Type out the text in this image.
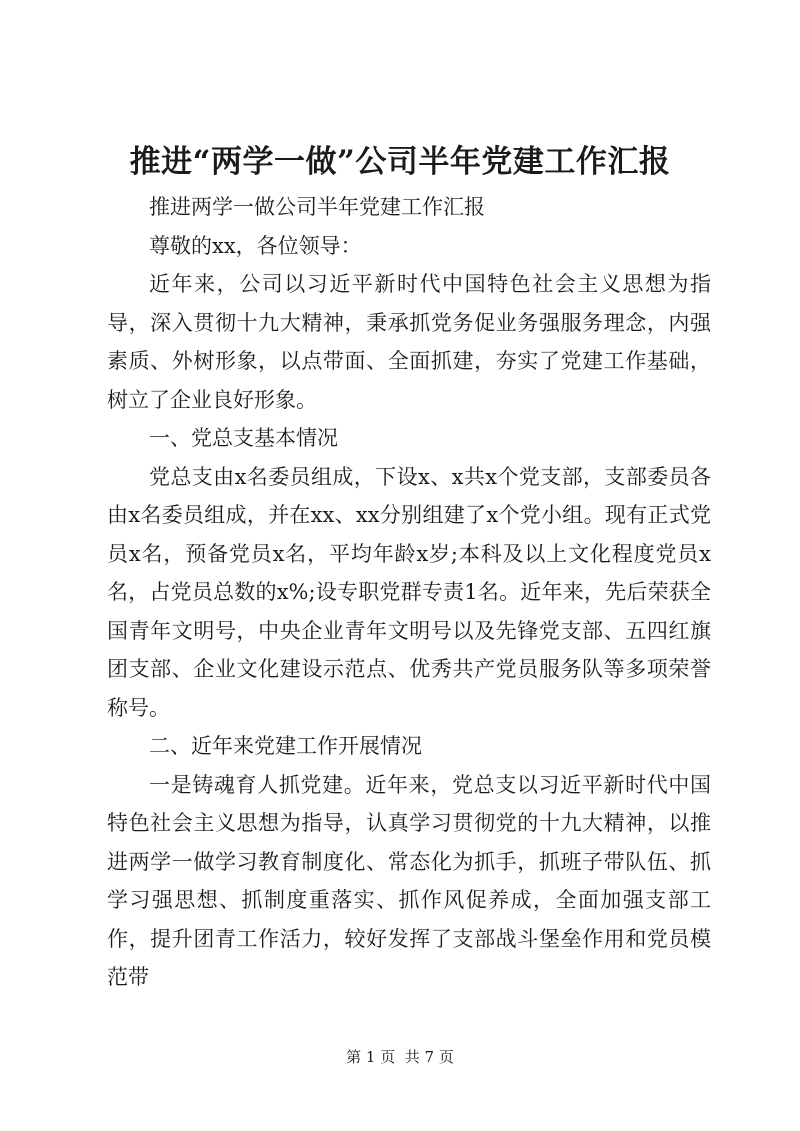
推进“两学一做”公司半年党建工作汇报

推进两学一做公司半年党建工作汇报

尊敬的xx，各位领导：

近年来，公司以习近平新时代中国特色社会主义思想为指导，深入贯彻十九大精神，秉承抓党务促业务强服务理念，内强素质、外树形象，以点带面、全面抓建，夯实了党建工作基础，树立了企业良好形象。

一、党总支基本情况

党总支由x名委员组成，下设x、x共x个党支部，支部委员各由x名委员组成，并在xx、xx分别组建了x个党小组。现有正式党员x名，预备党员x名，平均年龄x岁;本科及以上文化程度党员x名，占党员总数的x%;设专职党群专责1名。近年来，先后荣获全国青年文明号，中央企业青年文明号以及先锋党支部、五四红旗团支部、企业文化建设示范点、优秀共产党员服务队等多项荣誉称号。

二、近年来党建工作开展情况

一是铸魂育人抓党建。近年来，党总支以习近平新时代中国特色社会主义思想为指导，认真学习贯彻党的十九大精神，以推进两学一做学习教育制度化、常态化为抓手，抓班子带队伍、抓学习强思想、抓制度重落实、抓作风促养成，全面加强支部工作，提升团青工作活力，较好发挥了支部战斗堡垒作用和党员模范带

第 1 页  共 7 页
